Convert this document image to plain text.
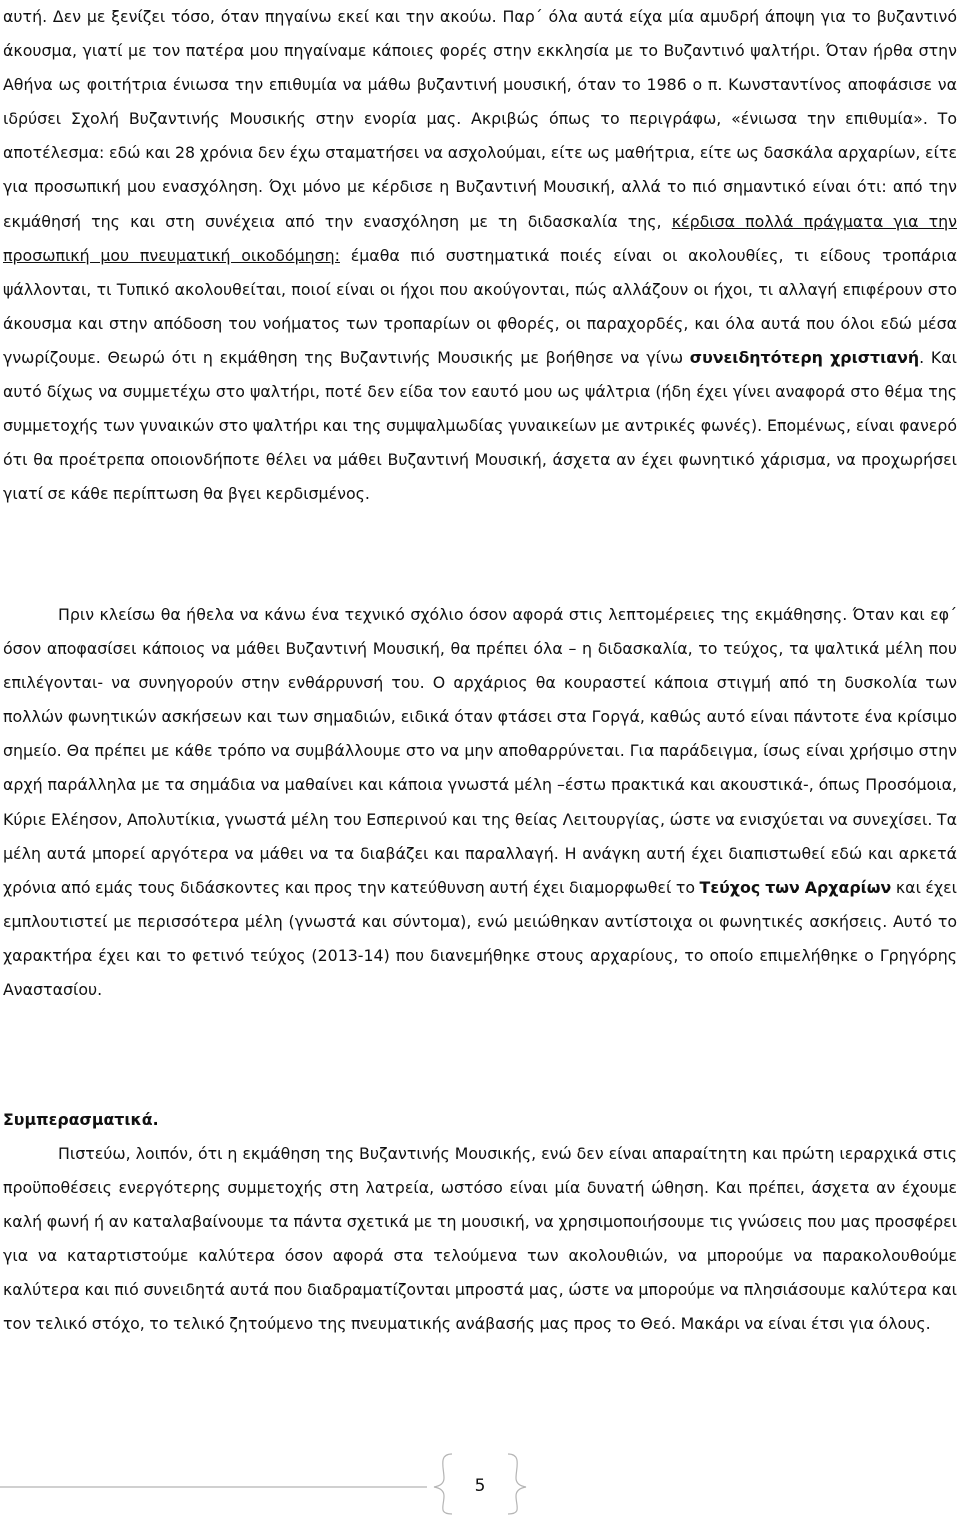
αυτή. Δεν με ξενίζει τόσο, όταν πηγαίνω εκεί και την ακούω. Παρ΄ όλα αυτά είχα μία αμυδρή άποψη για το βυζαντινό άκουσμα, γιατί με τον πατέρα μου πηγαίναμε κάποιες φορές στην εκκλησία με το Βυζαντινό ψαλτήρι. Όταν ήρθα στην Αθήνα ως φοιτήτρια ένιωσα την επιθυμία να μάθω βυζαντινή μουσική, όταν το 1986 ο π. Κωνσταντίνος αποφάσισε να ιδρύσει Σχολή Βυζαντινής Μουσικής στην ενορία μας. Ακριβώς όπως το περιγράφω, «ένιωσα την επιθυμία». Το αποτέλεσμα: εδώ και 28 χρόνια δεν έχω σταματήσει να ασχολούμαι, είτε ως μαθήτρια, είτε ως δασκάλα αρχαρίων, είτε για προσωπική μου ενασχόληση. Όχι μόνο με κέρδισε η Βυζαντινή Μουσική, αλλά το πιό σημαντικό είναι ότι: από την εκμάθησή της και στη συνέχεια από την ενασχόληση με τη διδασκαλία της, κέρδισα πολλά πράγματα για την προσωπική μου πνευματική οικοδόμηση: έμαθα πιό συστηματικά ποιές είναι οι ακολουθίες, τι είδους τροπάρια ψάλλονται, τι Τυπικό ακολουθείται, ποιοί είναι οι ήχοι που ακούγονται, πώς αλλάζουν οι ήχοι, τι αλλαγή επιφέρουν στο άκουσμα και στην απόδοση του νοήματος των τροπαρίων οι φθορές, οι παραχορδές, και όλα αυτά που όλοι εδώ μέσα γνωρίζουμε. Θεωρώ ότι η εκμάθηση της Βυζαντινής Μουσικής με βοήθησε να γίνω συνειδητότερη χριστιανή. Και αυτό δίχως να συμμετέχω στο ψαλτήρι, ποτέ δεν είδα τον εαυτό μου ως ψάλτρια (ήδη έχει γίνει αναφορά στο θέμα της συμμετοχής των γυναικών στο ψαλτήρι και της συμψαλμωδίας γυναικείων με αντρικές φωνές). Επομένως, είναι φανερό ότι θα προέτρεπα οποιονδήποτε θέλει να μάθει Βυζαντινή Μουσική, άσχετα αν έχει φωνητικό χάρισμα, να προχωρήσει γιατί σε κάθε περίπτωση θα βγει κερδισμένος.

Πριν κλείσω θα ήθελα να κάνω ένα τεχνικό σχόλιο όσον αφορά στις λεπτομέρειες της εκμάθησης. Όταν και εφ΄ όσον αποφασίσει κάποιος να μάθει Βυζαντινή Μουσική, θα πρέπει όλα – η διδασκαλία, το τεύχος, τα ψαλτικά μέλη που επιλέγονται- να συνηγορούν στην ενθάρρυνσή του. Ο αρχάριος θα κουραστεί κάποια στιγμή από τη δυσκολία των πολλών φωνητικών ασκήσεων και των σημαδιών, ειδικά όταν φτάσει στα Γοργά, καθώς αυτό είναι πάντοτε ένα κρίσιμο σημείο. Θα πρέπει με κάθε τρόπο να συμβάλλουμε στο να μην αποθαρρύνεται. Για παράδειγμα, ίσως είναι χρήσιμο στην αρχή παράλληλα με τα σημάδια να μαθαίνει και κάποια γνωστά μέλη –έστω πρακτικά και ακουστικά-, όπως Προσόμοια, Κύριε Ελέησον, Απολυτίκια, γνωστά μέλη του Εσπερινού και της θείας Λειτουργίας, ώστε να ενισχύεται να συνεχίσει. Τα μέλη αυτά μπορεί αργότερα να μάθει να τα διαβάζει και παραλλαγή. Η ανάγκη αυτή έχει διαπιστωθεί εδώ και αρκετά χρόνια από εμάς τους διδάσκοντες και προς την κατεύθυνση αυτή έχει διαμορφωθεί το Τεύχος των Αρχαρίων και έχει εμπλουτιστεί με περισσότερα μέλη (γνωστά και σύντομα), ενώ μειώθηκαν αντίστοιχα οι φωνητικές ασκήσεις. Αυτό το χαρακτήρα έχει και το φετινό τεύχος (2013-14) που διανεμήθηκε στους αρχαρίους, το οποίο επιμελήθηκε ο Γρηγόρης Αναστασίου.

Συμπερασματικά.

Πιστεύω, λοιπόν, ότι η εκμάθηση της Βυζαντινής Μουσικής, ενώ δεν είναι απαραίτητη και πρώτη ιεραρχικά στις προϋποθέσεις ενεργότερης συμμετοχής στη λατρεία, ωστόσο είναι μία δυνατή ώθηση. Και πρέπει, άσχετα αν έχουμε καλή φωνή ή αν καταλαβαίνουμε τα πάντα σχετικά με τη μουσική, να χρησιμοποιήσουμε τις γνώσεις που μας προσφέρει για να καταρτιστούμε καλύτερα όσον αφορά στα τελούμενα των ακολουθιών, να μπορούμε να παρακολουθούμε καλύτερα και πιό συνειδητά αυτά που διαδραματίζονται μπροστά μας, ώστε να μπορούμε να πλησιάσουμε καλύτερα και τον τελικό στόχο, το τελικό ζητούμενο της πνευματικής ανάβασής μας προς το Θεό. Μακάρι να είναι έτσι για όλους.

5
